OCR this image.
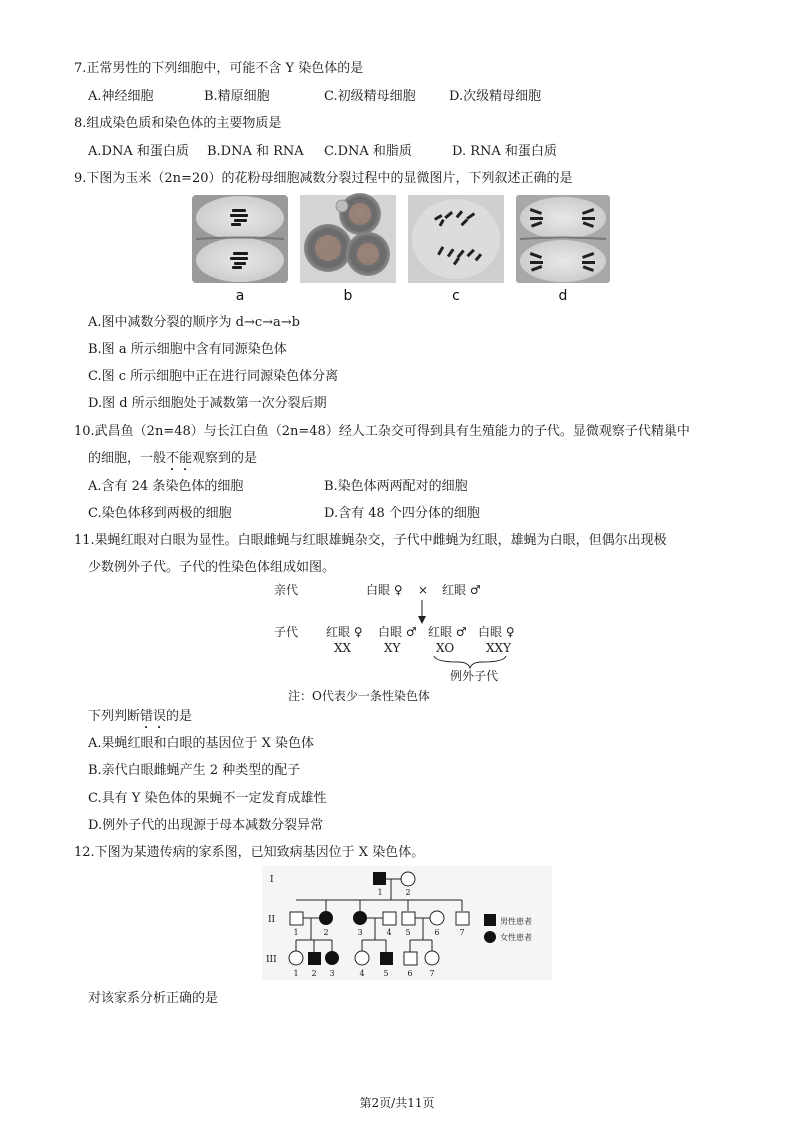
7.正常男性的下列细胞中，可能不含 Y 染色体的是
A.神经细胞	B.精原细胞	C.初级精母细胞	D.次级精母细胞
8.组成染色质和染色体的主要物质是
A.DNA 和蛋白质 B.DNA 和 RNA C.DNA 和脂质	D. RNA 和蛋白质
9.下图为玉米（2n=20）的花粉母细胞减数分裂过程中的显微图片，下列叙述正确的是
a	b	c	d
A.图中减数分裂的顺序为 d→c→a→b
B.图 a 所示细胞中含有同源染色体
C.图 c 所示细胞中正在进行同源染色体分离
D.图 d 所示细胞处于减数第一次分裂后期
10.武昌鱼（2n=48）与长江白鱼（2n=48）经人工杂交可得到具有生殖能力的子代。显微观察子代精巢中
的细胞，一般不能观察到的是
A.含有 24 条染色体的细胞	B.染色体两两配对的细胞
C.染色体移到两极的细胞	D.含有 48 个四分体的细胞
11.果蝇红眼对白眼为显性。白眼雌蝇与红眼雄蝇杂交，子代中雌蝇为红眼，雄蝇为白眼，但偶尔出现极
少数例外子代。子代的性染色体组成如图。
亲代	白眼 ♀ × 红眼 ♂
子代 红眼 ♀ 白眼 ♂ 红眼 ♂ 白眼 ♀
XX	XY	XO	XXY
例外子代
注：O代表少一条性染色体
下列判断错误的是
A.果蝇红眼和白眼的基因位于 X 染色体
B.亲代白眼雌蝇产生 2 种类型的配子
C.具有 Y 染色体的果蝇不一定发育成雄性
D.例外子代的出现源于母本减数分裂异常
12.下图为某遗传病的家系图，已知致病基因位于 X 染色体。
I
II
III
1	2
1	2	3	4 5	6 7
1 2 3	4 5 6 7
男性患者
女性患者
对该家系分析正确的是
第2页/共11页
